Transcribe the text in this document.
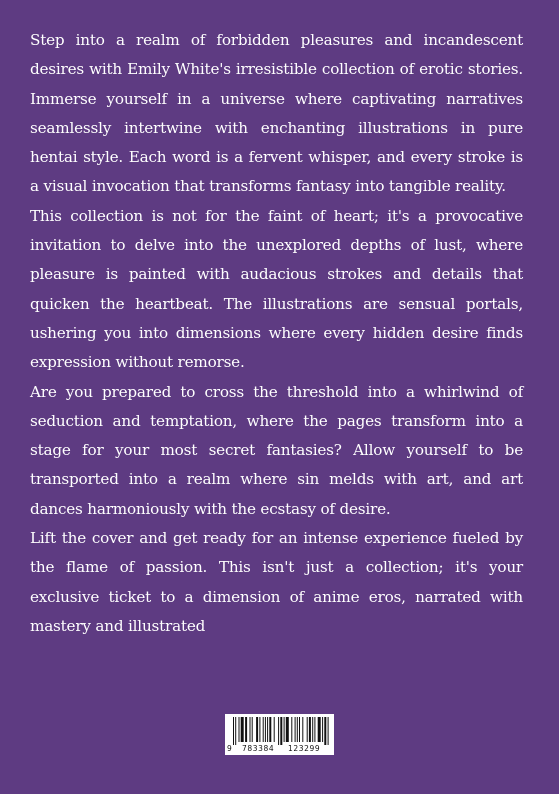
Step into a realm of forbidden pleasures and incandescent desires with Emily White's irresistible collection of erotic stories. Immerse yourself in a universe where captivating narratives seamlessly intertwine with enchanting illustrations in pure hentai style. Each word is a fervent whisper, and every stroke is a visual invocation that transforms fantasy into tangible reality.

This collection is not for the faint of heart; it's a provocative invitation to delve into the unexplored depths of lust, where pleasure is painted with audacious strokes and details that quicken the heartbeat. The illustrations are sensual portals, ushering you into dimensions where every hidden desire finds expression without remorse.

Are you prepared to cross the threshold into a whirlwind of seduction and temptation, where the pages transform into a stage for your most secret fantasies? Allow yourself to be transported into a realm where sin melds with art, and art dances harmoniously with the ecstasy of desire.

Lift the cover and get ready for an intense experience fueled by the flame of passion. This isn't just a collection; it's your exclusive ticket to a dimension of anime eros, narrated with mastery and illustrated

9 783384 123299
